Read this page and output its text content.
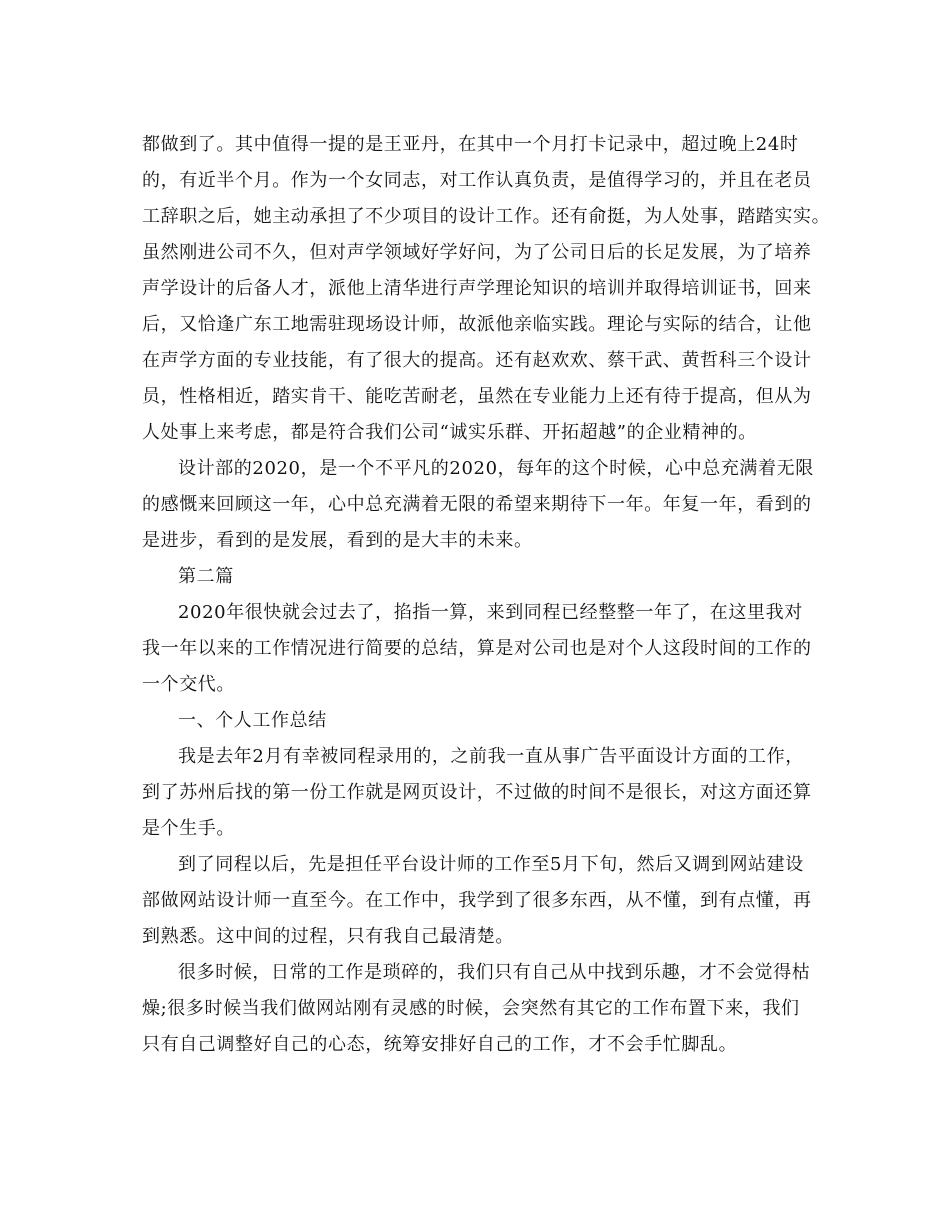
都做到了。其中值得一提的是王亚丹，在其中一个月打卡记录中，超过晚上24时
的，有近半个月。作为一个女同志，对工作认真负责，是值得学习的，并且在老员
工辞职之后，她主动承担了不少项目的设计工作。还有俞挺，为人处事，踏踏实实。
虽然刚进公司不久，但对声学领域好学好问，为了公司日后的长足发展，为了培养
声学设计的后备人才，派他上清华进行声学理论知识的培训并取得培训证书，回来
后，又恰逢广东工地需驻现场设计师，故派他亲临实践。理论与实际的结合，让他
在声学方面的专业技能，有了很大的提高。还有赵欢欢、蔡干武、黄哲科三个设计
员，性格相近，踏实肯干、能吃苦耐老，虽然在专业能力上还有待于提高，但从为
人处事上来考虑，都是符合我们公司“诚实乐群、开拓超越”的企业精神的。
设计部的2020，是一个不平凡的2020，每年的这个时候，心中总充满着无限
的感慨来回顾这一年，心中总充满着无限的希望来期待下一年。年复一年，看到的
是进步，看到的是发展，看到的是大丰的未来。
第二篇
2020年很快就会过去了，掐指一算，来到同程已经整整一年了，在这里我对
我一年以来的工作情况进行简要的总结，算是对公司也是对个人这段时间的工作的
一个交代。
一、个人工作总结
我是去年2月有幸被同程录用的，之前我一直从事广告平面设计方面的工作，
到了苏州后找的第一份工作就是网页设计，不过做的时间不是很长，对这方面还算
是个生手。
到了同程以后，先是担任平台设计师的工作至5月下旬，然后又调到网站建设
部做网站设计师一直至今。在工作中，我学到了很多东西，从不懂，到有点懂，再
到熟悉。这中间的过程，只有我自己最清楚。
很多时候，日常的工作是琐碎的，我们只有自己从中找到乐趣，才不会觉得枯
燥;很多时候当我们做网站刚有灵感的时候，会突然有其它的工作布置下来，我们
只有自己调整好自己的心态，统筹安排好自己的工作，才不会手忙脚乱。
